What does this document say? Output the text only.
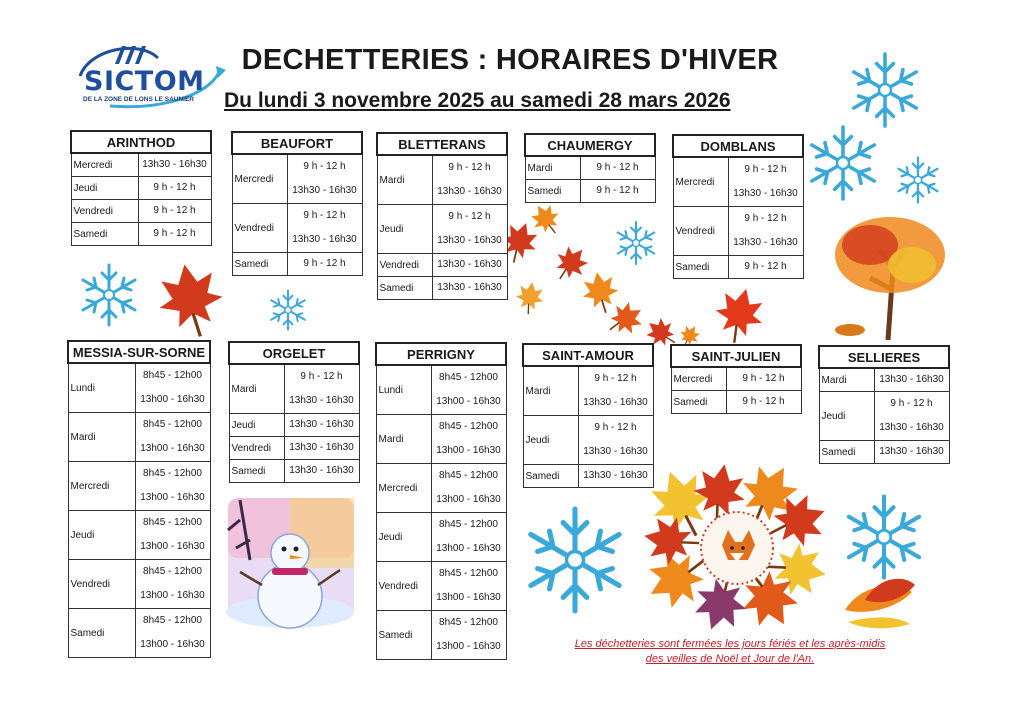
SICTOM
DE LA ZONE DE LONS LE SAUNIER
DECHETTERIES : HORAIRES D'HIVER
Du lundi 3 novembre 2025 au samedi 28 mars 2026
ARINTHOD	
Mercredi	13h30 - 16h30

Jeudi	9 h - 12 h

Vendredi	9 h - 12 h

Samedi	9 h - 12 h
BEAUFORT	
Mercredi	9 h - 12 h
13h30 - 16h30

Vendredi	9 h - 12 h
13h30 - 16h30

Samedi	9 h - 12 h
BLETTERANS	
Mardi	9 h - 12 h
13h30 - 16h30

Jeudi	9 h - 12 h
13h30 - 16h30

Vendredi	13h30 - 16h30

Samedi	13h30 - 16h30
CHAUMERGY	
Mardi	9 h - 12 h

Samedi	9 h - 12 h
DOMBLANS	
Mercredi	9 h - 12 h
13h30 - 16h30

Vendredi	9 h - 12 h
13h30 - 16h30

Samedi	9 h - 12 h
MESSIA-SUR-SORNE	
Lundi	8h45 - 12h00
13h00 - 16h30

Mardi	8h45 - 12h00
13h00 - 16h30

Mercredi	8h45 - 12h00
13h00 - 16h30

Jeudi	8h45 - 12h00
13h00 - 16h30

Vendredi	8h45 - 12h00
13h00 - 16h30

Samedi	8h45 - 12h00
13h00 - 16h30
ORGELET	
Mardi	9 h - 12 h
13h30 - 16h30

Jeudi	13h30 - 16h30

Vendredi	13h30 - 16h30

Samedi	13h30 - 16h30
PERRIGNY	
Lundi	8h45 - 12h00
13h00 - 16h30

Mardi	8h45 - 12h00
13h00 - 16h30

Mercredi	8h45 - 12h00
13h00 - 16h30

Jeudi	8h45 - 12h00
13h00 - 16h30

Vendredi	8h45 - 12h00
13h00 - 16h30

Samedi	8h45 - 12h00
13h00 - 16h30
SAINT-AMOUR	
Mardi	9 h - 12 h
13h30 - 16h30

Jeudi	9 h - 12 h
13h30 - 16h30

Samedi	13h30 - 16h30
SAINT-JULIEN	
Mercredi	9 h - 12 h

Samedi	9 h - 12 h
SELLIERES	
Mardi	13h30 - 16h30

Jeudi	9 h - 12 h
13h30 - 16h30

Samedi	13h30 - 16h30
Les déchetteries sont fermées les jours fériés et les après-midis
des veilles de Noël et Jour de l'An.
